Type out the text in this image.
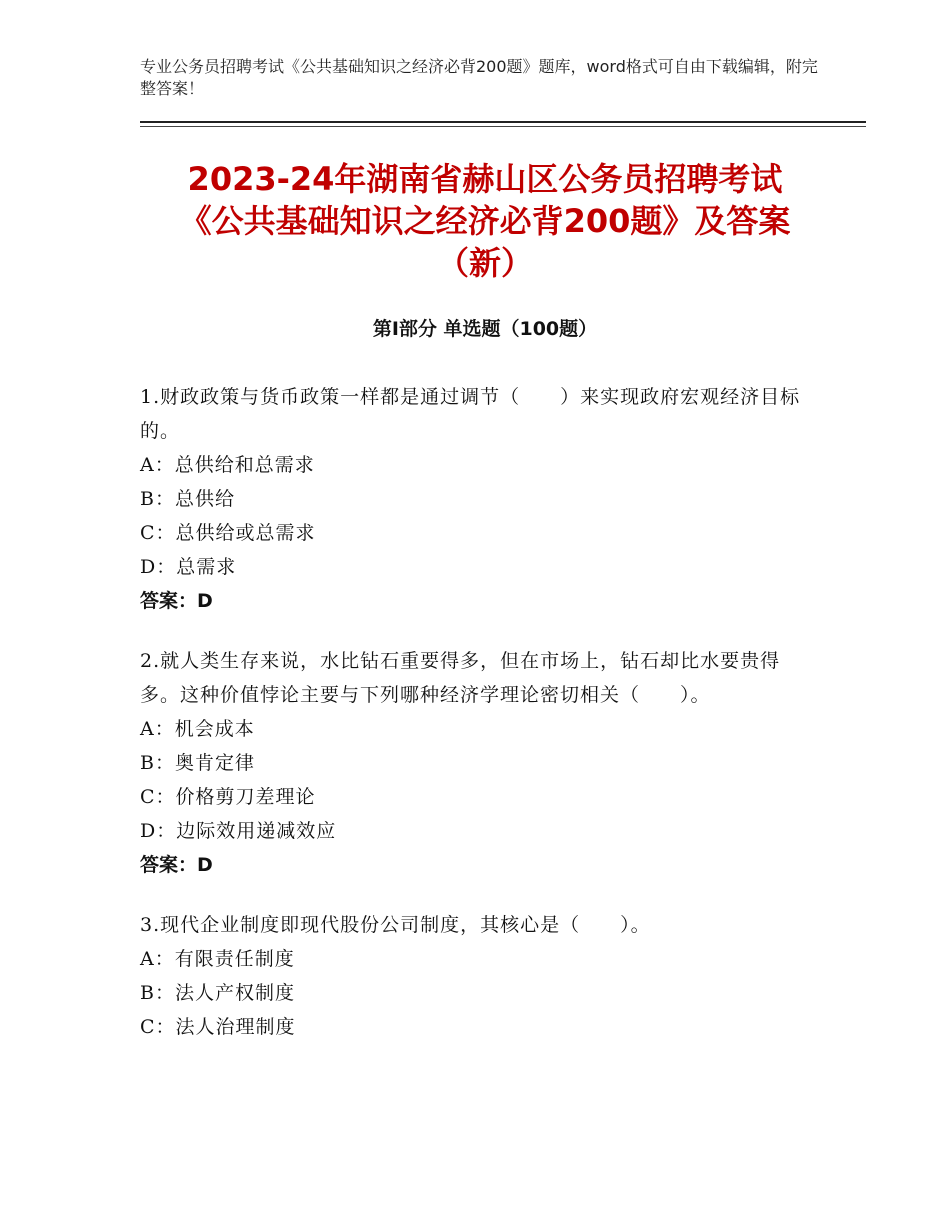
专业公务员招聘考试《公共基础知识之经济必背200题》题库，word格式可自由下载编辑，附完整答案！
2023-24年湖南省赫山区公务员招聘考试
《公共基础知识之经济必背200题》及答案
（新）
第Ⅰ部分 单选题（100题）
1.财政政策与货币政策一样都是通过调节（　　）来实现政府宏观经济目标的。
A：总供给和总需求
B：总供给
C：总供给或总需求
D：总需求
答案：D
2.就人类生存来说，水比钻石重要得多，但在市场上，钻石却比水要贵得多。这种价值悖论主要与下列哪种经济学理论密切相关（　　）。
A：机会成本
B：奥肯定律
C：价格剪刀差理论
D：边际效用递减效应
答案：D
3.现代企业制度即现代股份公司制度，其核心是（　　）。
A：有限责任制度
B：法人产权制度
C：法人治理制度
